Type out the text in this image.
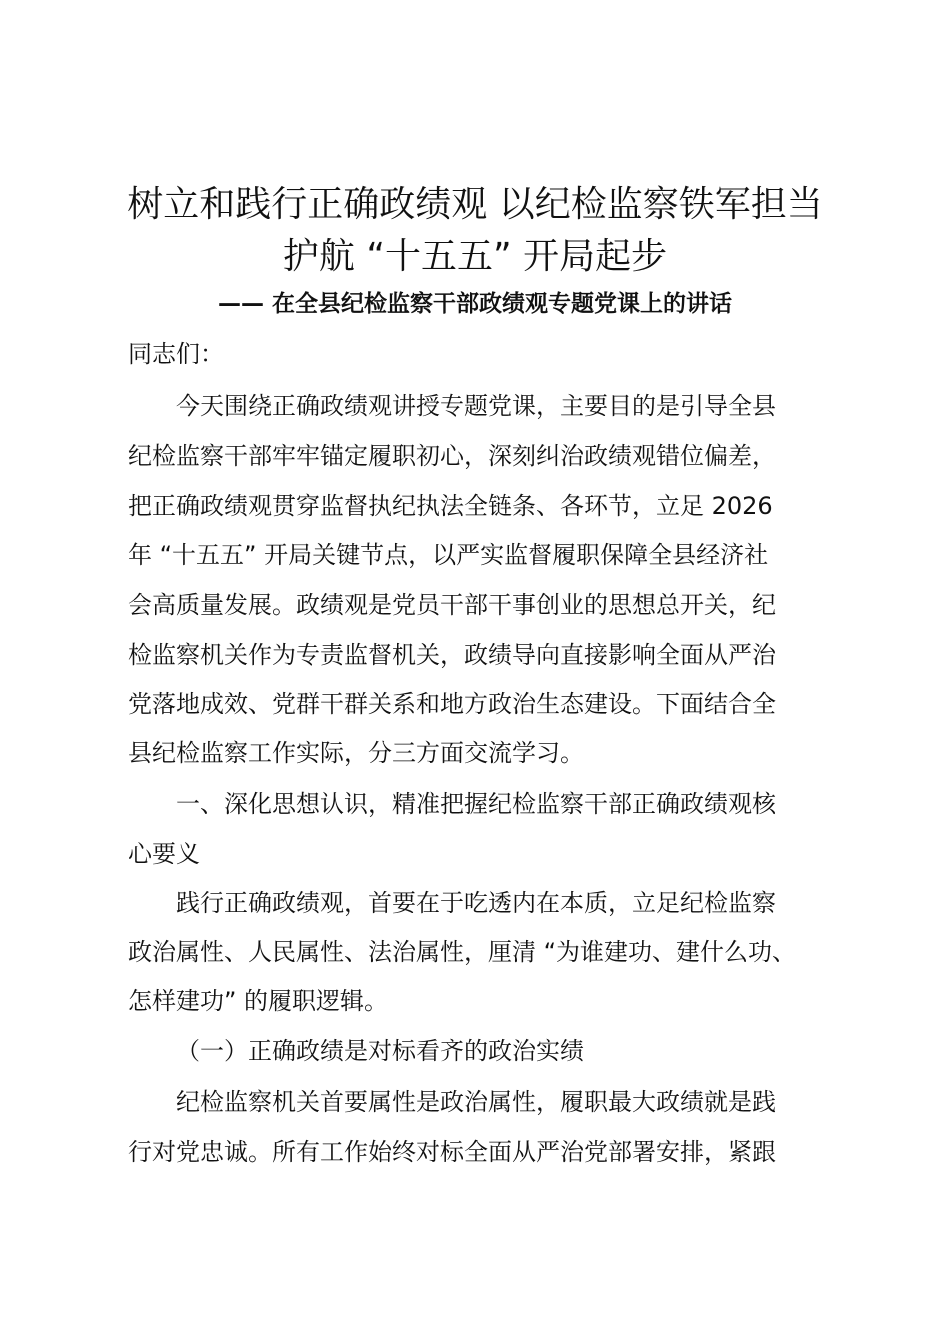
树立和践行正确政绩观 以纪检监察铁军担当
护航 “十五五” 开局起步
—— 在全县纪检监察干部政绩观专题党课上的讲话

同志们：

今天围绕正确政绩观讲授专题党课，主要目的是引导全县

纪检监察干部牢牢锚定履职初心，深刻纠治政绩观错位偏差，

把正确政绩观贯穿监督执纪执法全链条、各环节，立足 2026

年 “十五五” 开局关键节点，以严实监督履职保障全县经济社

会高质量发展。政绩观是党员干部干事创业的思想总开关，纪

检监察机关作为专责监督机关，政绩导向直接影响全面从严治

党落地成效、党群干群关系和地方政治生态建设。下面结合全

县纪检监察工作实际，分三方面交流学习。

一、深化思想认识，精准把握纪检监察干部正确政绩观核

心要义

践行正确政绩观，首要在于吃透内在本质，立足纪检监察

政治属性、人民属性、法治属性，厘清 “为谁建功、建什么功、

怎样建功” 的履职逻辑。

（一）正确政绩是对标看齐的政治实绩

纪检监察机关首要属性是政治属性，履职最大政绩就是践

行对党忠诚。所有工作始终对标全面从严治党部署安排，紧跟
